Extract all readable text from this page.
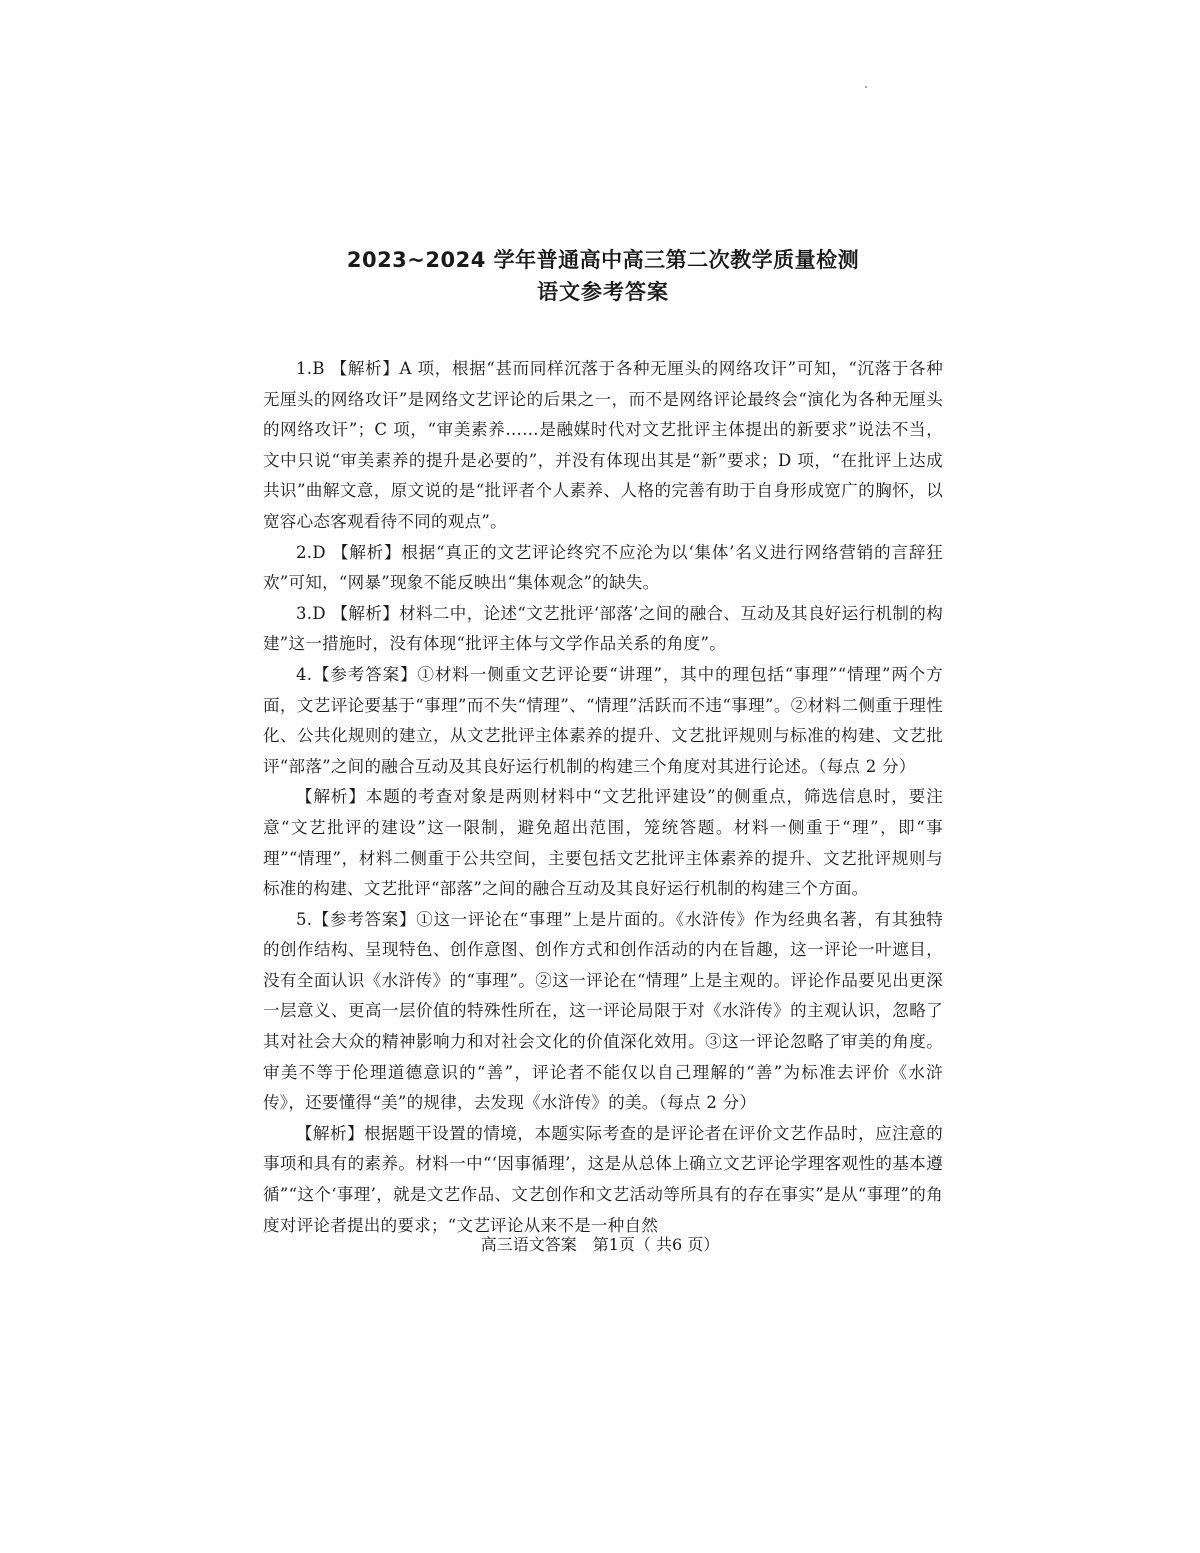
2023~2024 学年普通高中高三第二次教学质量检测

语文参考答案

1.B 【解析】A 项，根据“甚而同样沉落于各种无厘头的网络攻讦”可知，“沉落于各种无厘头的网络攻讦”是网络文艺评论的后果之一，而不是网络评论最终会“演化为各种无厘头的网络攻讦”；C 项，“审美素养……是融媒时代对文艺批评主体提出的新要求”说法不当，文中只说“审美素养的提升是必要的”，并没有体现出其是“新”要求；D 项，“在批评上达成共识”曲解文意，原文说的是“批评者个人素养、人格的完善有助于自身形成宽广的胸怀，以宽容心态客观看待不同的观点”。

2.D 【解析】根据“真正的文艺评论终究不应沦为以‘集体’名义进行网络营销的言辞狂欢”可知，“网暴”现象不能反映出“集体观念”的缺失。

3.D 【解析】材料二中，论述“文艺批评‘部落’之间的融合、互动及其良好运行机制的构建”这一措施时，没有体现“批评主体与文学作品关系的角度”。

4.【参考答案】①材料一侧重文艺评论要“讲理”，其中的理包括“事理”“情理”两个方面，文艺评论要基于“事理”而不失“情理”、“情理”活跃而不违“事理”。②材料二侧重于理性化、公共化规则的建立，从文艺批评主体素养的提升、文艺批评规则与标准的构建、文艺批评“部落”之间的融合互动及其良好运行机制的构建三个角度对其进行论述。（每点 2 分）

【解析】本题的考查对象是两则材料中“文艺批评建设”的侧重点，筛选信息时，要注意“文艺批评的建设”这一限制，避免超出范围，笼统答题。材料一侧重于“理”，即“事理”“情理”，材料二侧重于公共空间，主要包括文艺批评主体素养的提升、文艺批评规则与标准的构建、文艺批评“部落”之间的融合互动及其良好运行机制的构建三个方面。

5.【参考答案】①这一评论在“事理”上是片面的。《水浒传》作为经典名著，有其独特的创作结构、呈现特色、创作意图、创作方式和创作活动的内在旨趣，这一评论一叶遮目，没有全面认识《水浒传》的“事理”。②这一评论在“情理”上是主观的。评论作品要见出更深一层意义、更高一层价值的特殊性所在，这一评论局限于对《水浒传》的主观认识，忽略了其对社会大众的精神影响力和对社会文化的价值深化效用。③这一评论忽略了审美的角度。审美不等于伦理道德意识的“善”，评论者不能仅以自己理解的“善”为标准去评价《水浒传》，还要懂得“美”的规律，去发现《水浒传》的美。（每点 2 分）

【解析】根据题干设置的情境，本题实际考查的是评论者在评价文艺作品时，应注意的事项和具有的素养。材料一中“‘因事循理’，这是从总体上确立文艺评论学理客观性的基本遵循”“这个‘事理’，就是文艺作品、文艺创作和文艺活动等所具有的存在事实”是从“事理”的角度对评论者提出的要求；“文艺评论从来不是一种自然

高三语文答案　第1页（ 共6 页）
